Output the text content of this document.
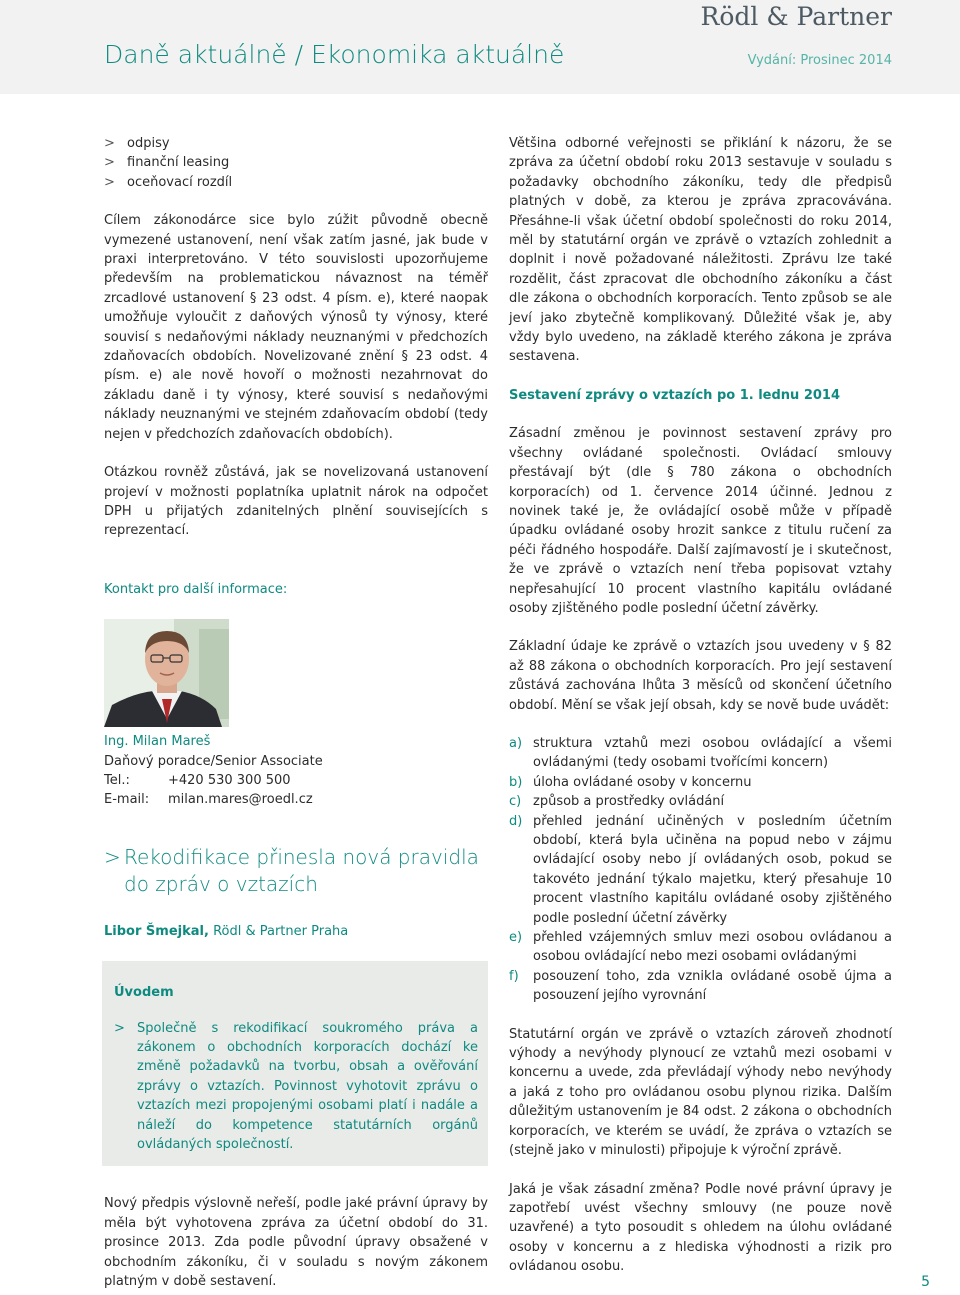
Rödl & Partner
Daně aktuálně / Ekonomika aktuálně	Vydání: Prosinec 2014
> odpisy
> finanční leasing
> oceňovací rozdíl

Cílem zákonodárce sice bylo zúžit původně obecně vymezené ustanovení, není však zatím jasné, jak bude v praxi interpretováno. V této souvislosti upozorňujeme především na problematickou návaznost na téměř zrcadlové ustanovení § 23 odst. 4 písm. e), které naopak umožňuje vyloučit z daňových výnosů ty výnosy, které souvisí s nedaňovými náklady neuznanými v předchozích zdaňovacích obdobích. Novelizované znění § 23 odst. 4 písm. e) ale nově hovoří o možnosti nezahrnovat do základu daně i ty výnosy, které souvisí s nedaňovými náklady neuznanými ve stejném zdaňovacím období (tedy nejen v předchozích zdaňovacích obdobích).

Otázkou rovněž zůstává, jak se novelizovaná ustanovení projeví v možnosti poplatníka uplatnit nárok na odpočet DPH u přijatých zdanitelných plnění souvisejících s reprezentací.

Kontakt pro další informace:
Ing. Milan Mareš
Daňový poradce/Senior Associate
Tel.:	+420 530 300 500
E-mail:	milan.mares@roedl.cz
> Rekodifikace přinesla nová pravidla do zpráv o vztazích
Libor Šmejkal, Rödl & Partner Praha
Úvodem
> Společně s rekodifikací soukromého práva a zákonem o obchodních korporacích dochází ke změně požadavků na tvorbu, obsah a ověřování zprávy o vztazích. Povinnost vyhotovit zprávu o vztazích mezi propojenými osobami platí i nadále a náleží do kompetence statutárních orgánů ovládaných společností.

Nový předpis výslovně neřeší, podle jaké právní úpravy by měla být vyhotovena zpráva za účetní období do 31. prosince 2013. Zda podle původní úpravy obsažené v obchodním zákoníku, či v souladu s novým zákonem platným v době sestavení.

Většina odborné veřejnosti se přiklání k názoru, že se zpráva za účetní období roku 2013 sestavuje v souladu s požadavky obchodního zákoníku, tedy dle předpisů platných v době, za kterou je zpráva zpracovávána. Přesáhne-li však účetní období společnosti do roku 2014, měl by statutární orgán ve zprávě o vztazích zohlednit a doplnit i nově požadované náležitosti. Zprávu lze také rozdělit, část zpracovat dle obchodního zákoníku a část dle zákona o obchodních korporacích. Tento způsob se ale jeví jako zbytečně komplikovaný. Důležité však je, aby vždy bylo uvedeno, na základě kterého zákona je zpráva sestavena.

Sestavení zprávy o vztazích po 1. lednu 2014

Zásadní změnou je povinnost sestavení zprávy pro všechny ovládané společnosti. Ovládací smlouvy přestávají být (dle § 780 zákona o obchodních korporacích) od 1. července 2014 účinné. Jednou z novinek také je, že ovládající osobě může v případě úpadku ovládané osoby hrozit sankce z titulu ručení za péči řádného hospodáře. Další zajímavostí je i skutečnost, že ve zprávě o vztazích není třeba popisovat vztahy nepřesahující 10 procent vlastního kapitálu ovládané osoby zjištěného podle poslední účetní závěrky.

Základní údaje ke zprávě o vztazích jsou uvedeny v § 82 až 88 zákona o obchodních korporacích. Pro její sestavení zůstává zachována lhůta 3 měsíců od skončení účetního období. Mění se však její obsah, kdy se nově bude uvádět:

a) struktura vztahů mezi osobou ovládající a všemi ovládanými (tedy osobami tvořícími koncern)
b) úloha ovládané osoby v koncernu
c) způsob a prostředky ovládání
d) přehled jednání učiněných v posledním účetním období, která byla učiněna na popud nebo v zájmu ovládající osoby nebo jí ovládaných osob, pokud se takovéto jednání týkalo majetku, který přesahuje 10 procent vlastního kapitálu ovládané osoby zjištěného podle poslední účetní závěrky
e) přehled vzájemných smluv mezi osobou ovládanou a osobou ovládající nebo mezi osobami ovládanými
f) posouzení toho, zda vznikla ovládané osobě újma a posouzení jejího vyrovnání

Statutární orgán ve zprávě o vztazích zároveň zhodnotí výhody a nevýhody plynoucí ze vztahů mezi osobami v koncernu a uvede, zda převládají výhody nebo nevýhody a jaká z toho pro ovládanou osobu plynou rizika. Dalším důležitým ustanovením je 84 odst. 2 zákona o obchodních korporacích, ve kterém se uvádí, že zpráva o vztazích se (stejně jako v minulosti) připojuje k výroční zprávě.

Jaká je však zásadní změna? Podle nové právní úpravy je zapotřebí uvést všechny smlouvy (ne pouze nově uzavřené) a tyto posoudit s ohledem na úlohu ovládané osoby v koncernu a z hlediska výhodnosti a rizik pro ovládanou osobu.

5
